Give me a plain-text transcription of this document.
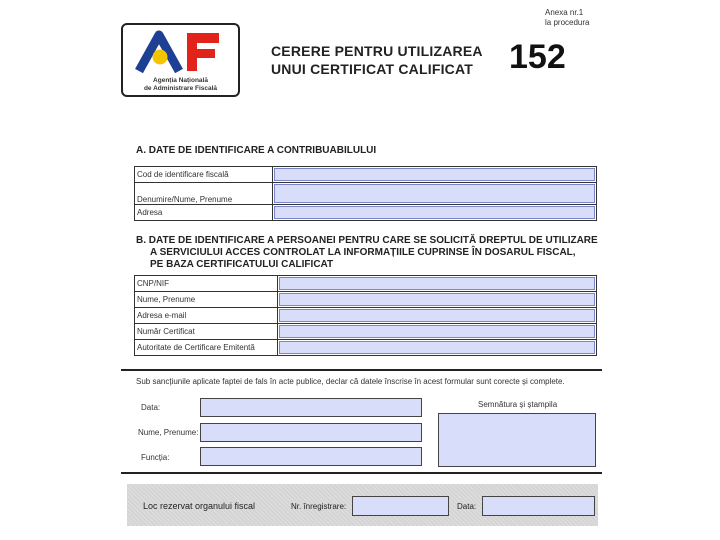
Anexa nr.1
la procedura
Agenția Națională
de Administrare Fiscală
CERERE PENTRU UTILIZAREA
UNUI CERTIFICAT CALIFICAT 152
A. DATE DE IDENTIFICARE A CONTRIBUABILULUI
Cod de identificare fiscală	

Denumire/Nume, Prenume	

Adresa	
B. DATE DE IDENTIFICARE A PERSOANEI PENTRU CARE SE SOLICITĂ DREPTUL DE UTILIZARE
A SERVICIULUI ACCES CONTROLAT LA INFORMAȚIILE CUPRINSE ÎN DOSARUL FISCAL,
PE BAZA CERTIFICATULUI CALIFICAT
CNP/NIF	

Nume, Prenume	

Adresa e-mail	

Număr Certificat	

Autoritate de Certificare Emitentă	
Sub sancțiunile aplicate faptei de fals în acte publice, declar că datele înscrise în acest formular sunt corecte și complete.
Data:
Nume, Prenume:
Funcția:
Semnătura și ștampila
Loc rezervat organului fiscal	Nr. înregistrare:	Data:
